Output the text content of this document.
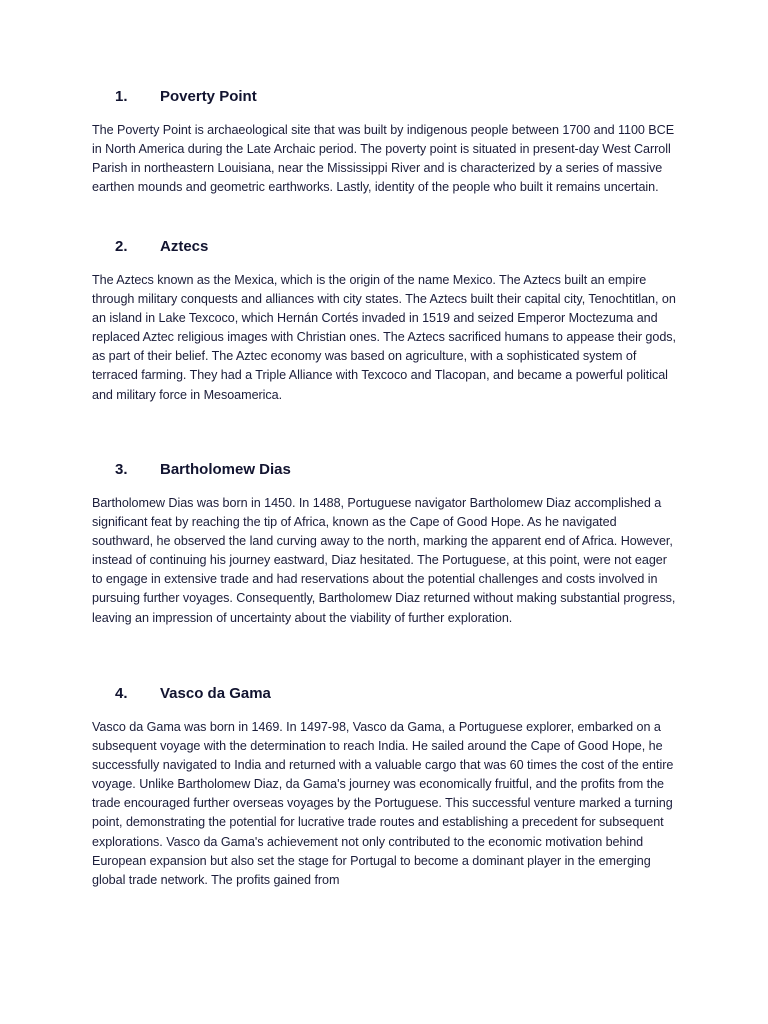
1.	Poverty Point

The Poverty Point is archaeological site that was built by indigenous people between 1700 and 1100 BCE in North America during the Late Archaic period. The poverty point is situated in present-day West Carroll Parish in northeastern Louisiana, near the Mississippi River and is characterized by a series of massive earthen mounds and geometric earthworks. Lastly, identity of the people who built it remains uncertain.

2.	Aztecs

The Aztecs known as the Mexica, which is the origin of the name Mexico. The Aztecs built an empire through military conquests and alliances with city states. The Aztecs built their capital city, Tenochtitlan, on an island in Lake Texcoco, which Hernán Cortés invaded in 1519 and seized Emperor Moctezuma and replaced Aztec religious images with Christian ones. The Aztecs sacrificed humans to appease their gods, as part of their belief. The Aztec economy was based on agriculture, with a sophisticated system of terraced farming. They had a Triple Alliance with Texcoco and Tlacopan, and became a powerful political and military force in Mesoamerica.

3.	Bartholomew Dias

Bartholomew Dias was born in 1450. In 1488, Portuguese navigator Bartholomew Diaz accomplished a significant feat by reaching the tip of Africa, known as the Cape of Good Hope. As he navigated southward, he observed the land curving away to the north, marking the apparent end of Africa. However, instead of continuing his journey eastward, Diaz hesitated. The Portuguese, at this point, were not eager to engage in extensive trade and had reservations about the potential challenges and costs involved in pursuing further voyages. Consequently, Bartholomew Diaz returned without making substantial progress, leaving an impression of uncertainty about the viability of further exploration.

4.	Vasco da Gama

Vasco da Gama was born in 1469. In 1497-98, Vasco da Gama, a Portuguese explorer, embarked on a subsequent voyage with the determination to reach India. He sailed around the Cape of Good Hope, he successfully navigated to India and returned with a valuable cargo that was 60 times the cost of the entire voyage. Unlike Bartholomew Diaz, da Gama's journey was economically fruitful, and the profits from the trade encouraged further overseas voyages by the Portuguese. This successful venture marked a turning point, demonstrating the potential for lucrative trade routes and establishing a precedent for subsequent explorations. Vasco da Gama's achievement not only contributed to the economic motivation behind European expansion but also set the stage for Portugal to become a dominant player in the emerging global trade network. The profits gained from
